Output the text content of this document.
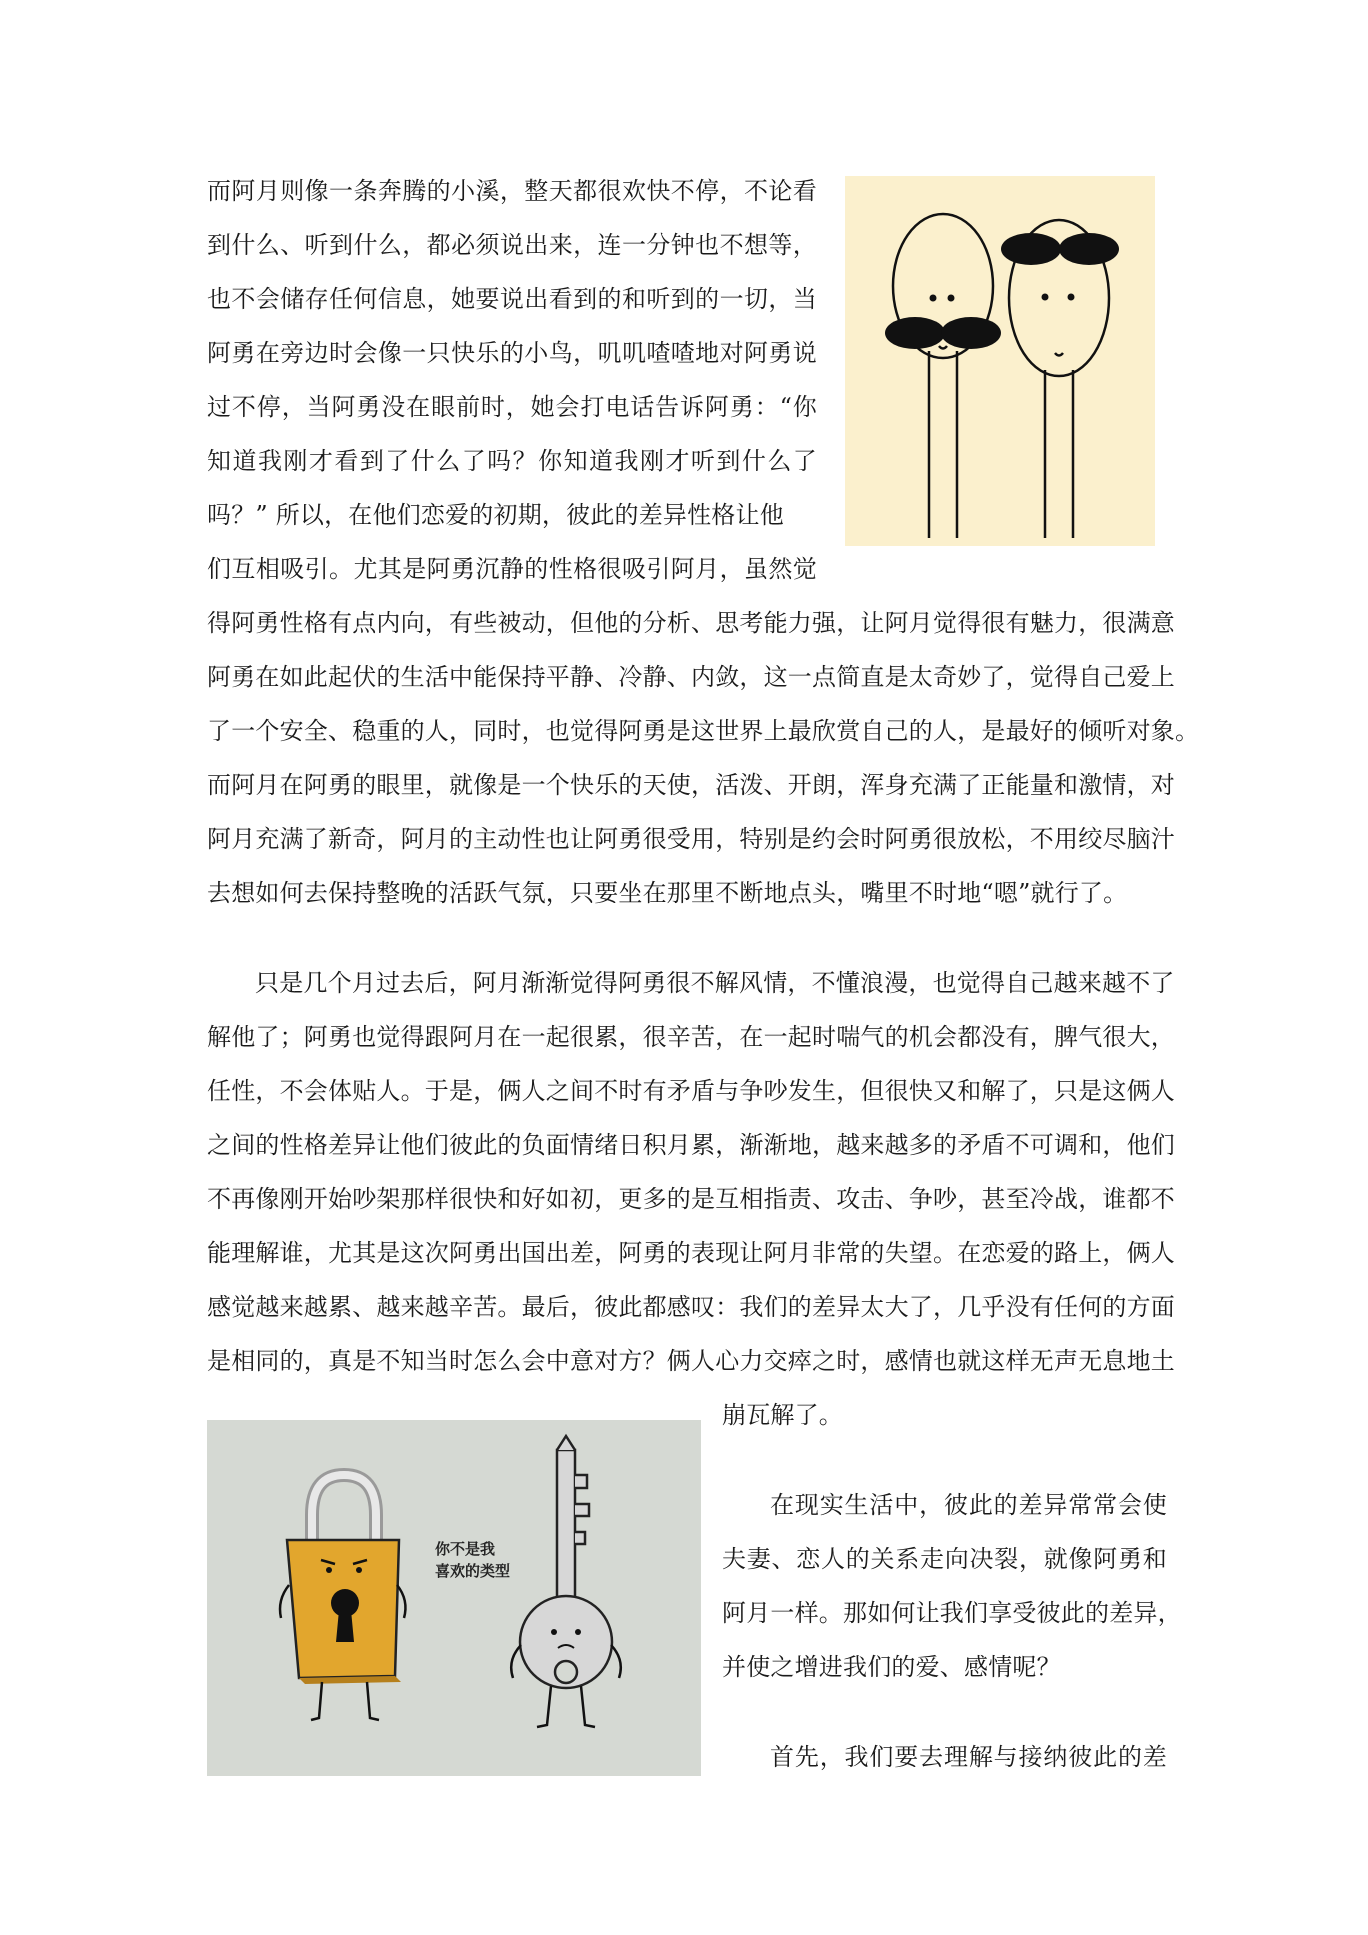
而阿月则像一条奔腾的小溪，整天都很欢快不停，不论看
到什么、听到什么，都必须说出来，连一分钟也不想等，
也不会储存任何信息，她要说出看到的和听到的一切，当
阿勇在旁边时会像一只快乐的小鸟，叽叽喳喳地对阿勇说
过不停，当阿勇没在眼前时，她会打电话告诉阿勇：“你
知道我刚才看到了什么了吗？你知道我刚才听到什么了
吗？” 所以，在他们恋爱的初期，彼此的差异性格让他
们互相吸引。尤其是阿勇沉静的性格很吸引阿月，虽然觉
得阿勇性格有点内向，有些被动，但他的分析、思考能力强，让阿月觉得很有魅力，很满意
阿勇在如此起伏的生活中能保持平静、冷静、内敛，这一点简直是太奇妙了，觉得自己爱上
了一个安全、稳重的人，同时，也觉得阿勇是这世界上最欣赏自己的人，是最好的倾听对象。
而阿月在阿勇的眼里，就像是一个快乐的天使，活泼、开朗，浑身充满了正能量和激情，对
阿月充满了新奇，阿月的主动性也让阿勇很受用，特别是约会时阿勇很放松，不用绞尽脑汁
去想如何去保持整晚的活跃气氛，只要坐在那里不断地点头，嘴里不时地“嗯”就行了。
只是几个月过去后，阿月渐渐觉得阿勇很不解风情，不懂浪漫，也觉得自己越来越不了
解他了；阿勇也觉得跟阿月在一起很累，很辛苦，在一起时喘气的机会都没有，脾气很大，
任性，不会体贴人。于是，俩人之间不时有矛盾与争吵发生，但很快又和解了，只是这俩人
之间的性格差异让他们彼此的负面情绪日积月累，渐渐地，越来越多的矛盾不可调和，他们
不再像刚开始吵架那样很快和好如初，更多的是互相指责、攻击、争吵，甚至冷战，谁都不
能理解谁，尤其是这次阿勇出国出差，阿勇的表现让阿月非常的失望。在恋爱的路上，俩人
感觉越来越累、越来越辛苦。最后，彼此都感叹：我们的差异太大了，几乎没有任何的方面
是相同的，真是不知当时怎么会中意对方？俩人心力交瘁之时，感情也就这样无声无息地土
崩瓦解了。
在现实生活中，彼此的差异常常会使
夫妻、恋人的关系走向决裂，就像阿勇和
阿月一样。那如何让我们享受彼此的差异，
并使之增进我们的爱、感情呢？
首先，我们要去理解与接纳彼此的差
你不是我
喜欢的类型
